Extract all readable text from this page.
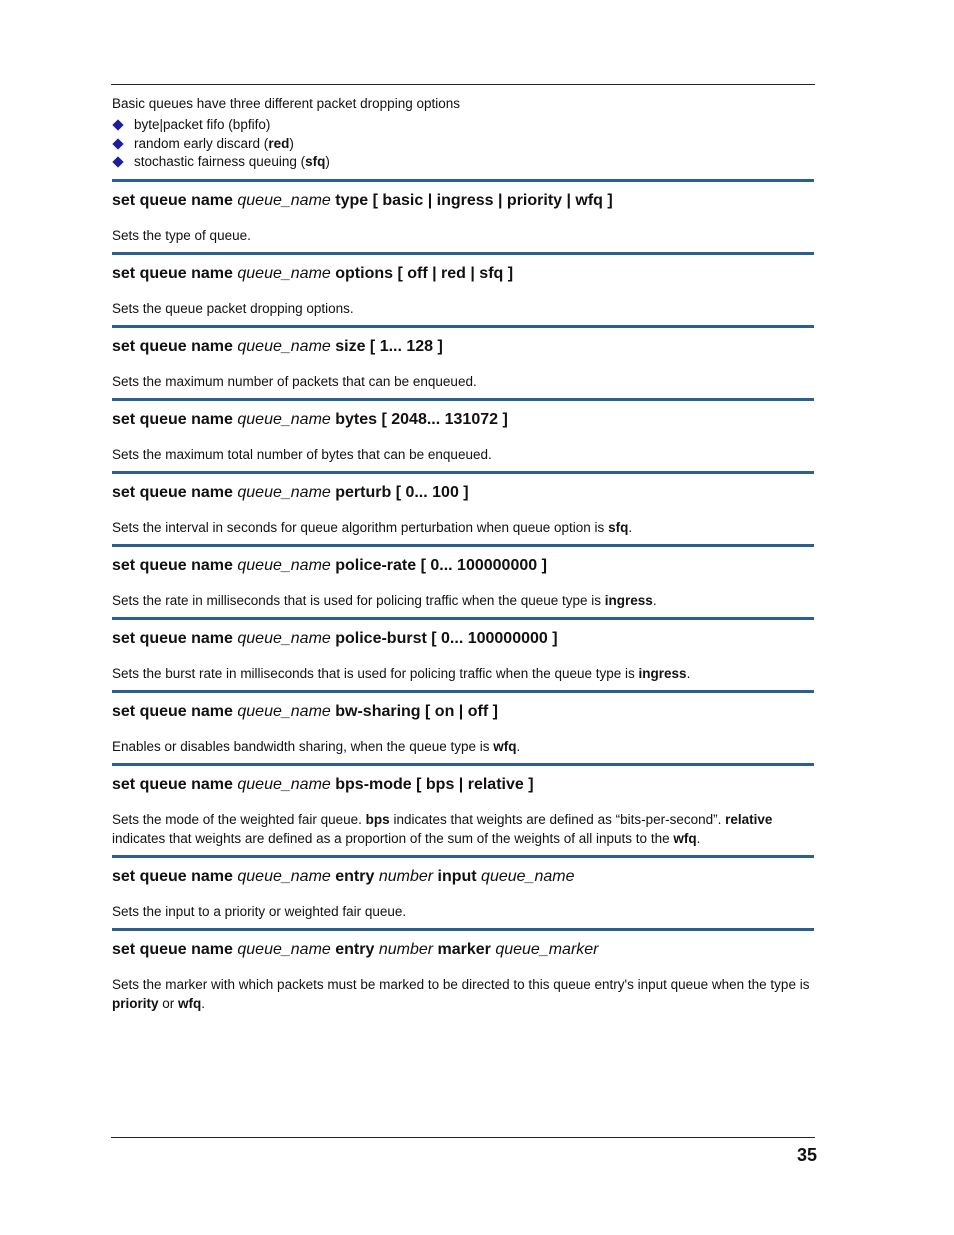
Basic queues have three different packet dropping options

byte|packet fifo (bpfifo)
random early discard (red)
stochastic fairness queuing (sfq)
set queue name queue_name type [ basic | ingress | priority | wfq ]

Sets the type of queue.

set queue name queue_name options [ off | red | sfq ]

Sets the queue packet dropping options.

set queue name queue_name size [ 1... 128 ]

Sets the maximum number of packets that can be enqueued.

set queue name queue_name bytes [ 2048... 131072 ]

Sets the maximum total number of bytes that can be enqueued.

set queue name queue_name perturb [ 0... 100 ]

Sets the interval in seconds for queue algorithm perturbation when queue option is sfq.

set queue name queue_name police-rate [ 0... 100000000 ]

Sets the rate in milliseconds that is used for policing traffic when the queue type is ingress.

set queue name queue_name police-burst [ 0... 100000000 ]

Sets the burst rate in milliseconds that is used for policing traffic when the queue type is ingress.

set queue name queue_name bw-sharing [ on | off ]

Enables or disables bandwidth sharing, when the queue type is wfq.

set queue name queue_name bps-mode [ bps | relative ]

Sets the mode of the weighted fair queue. bps indicates that weights are defined as “bits-per-second”. relative indicates that weights are defined as a proportion of the sum of the weights of all inputs to the wfq.

set queue name queue_name entry number input queue_name

Sets the input to a priority or weighted fair queue.

set queue name queue_name entry number marker queue_marker

Sets the marker with which packets must be marked to be directed to this queue entry's input queue when the type is priority or wfq.

35
